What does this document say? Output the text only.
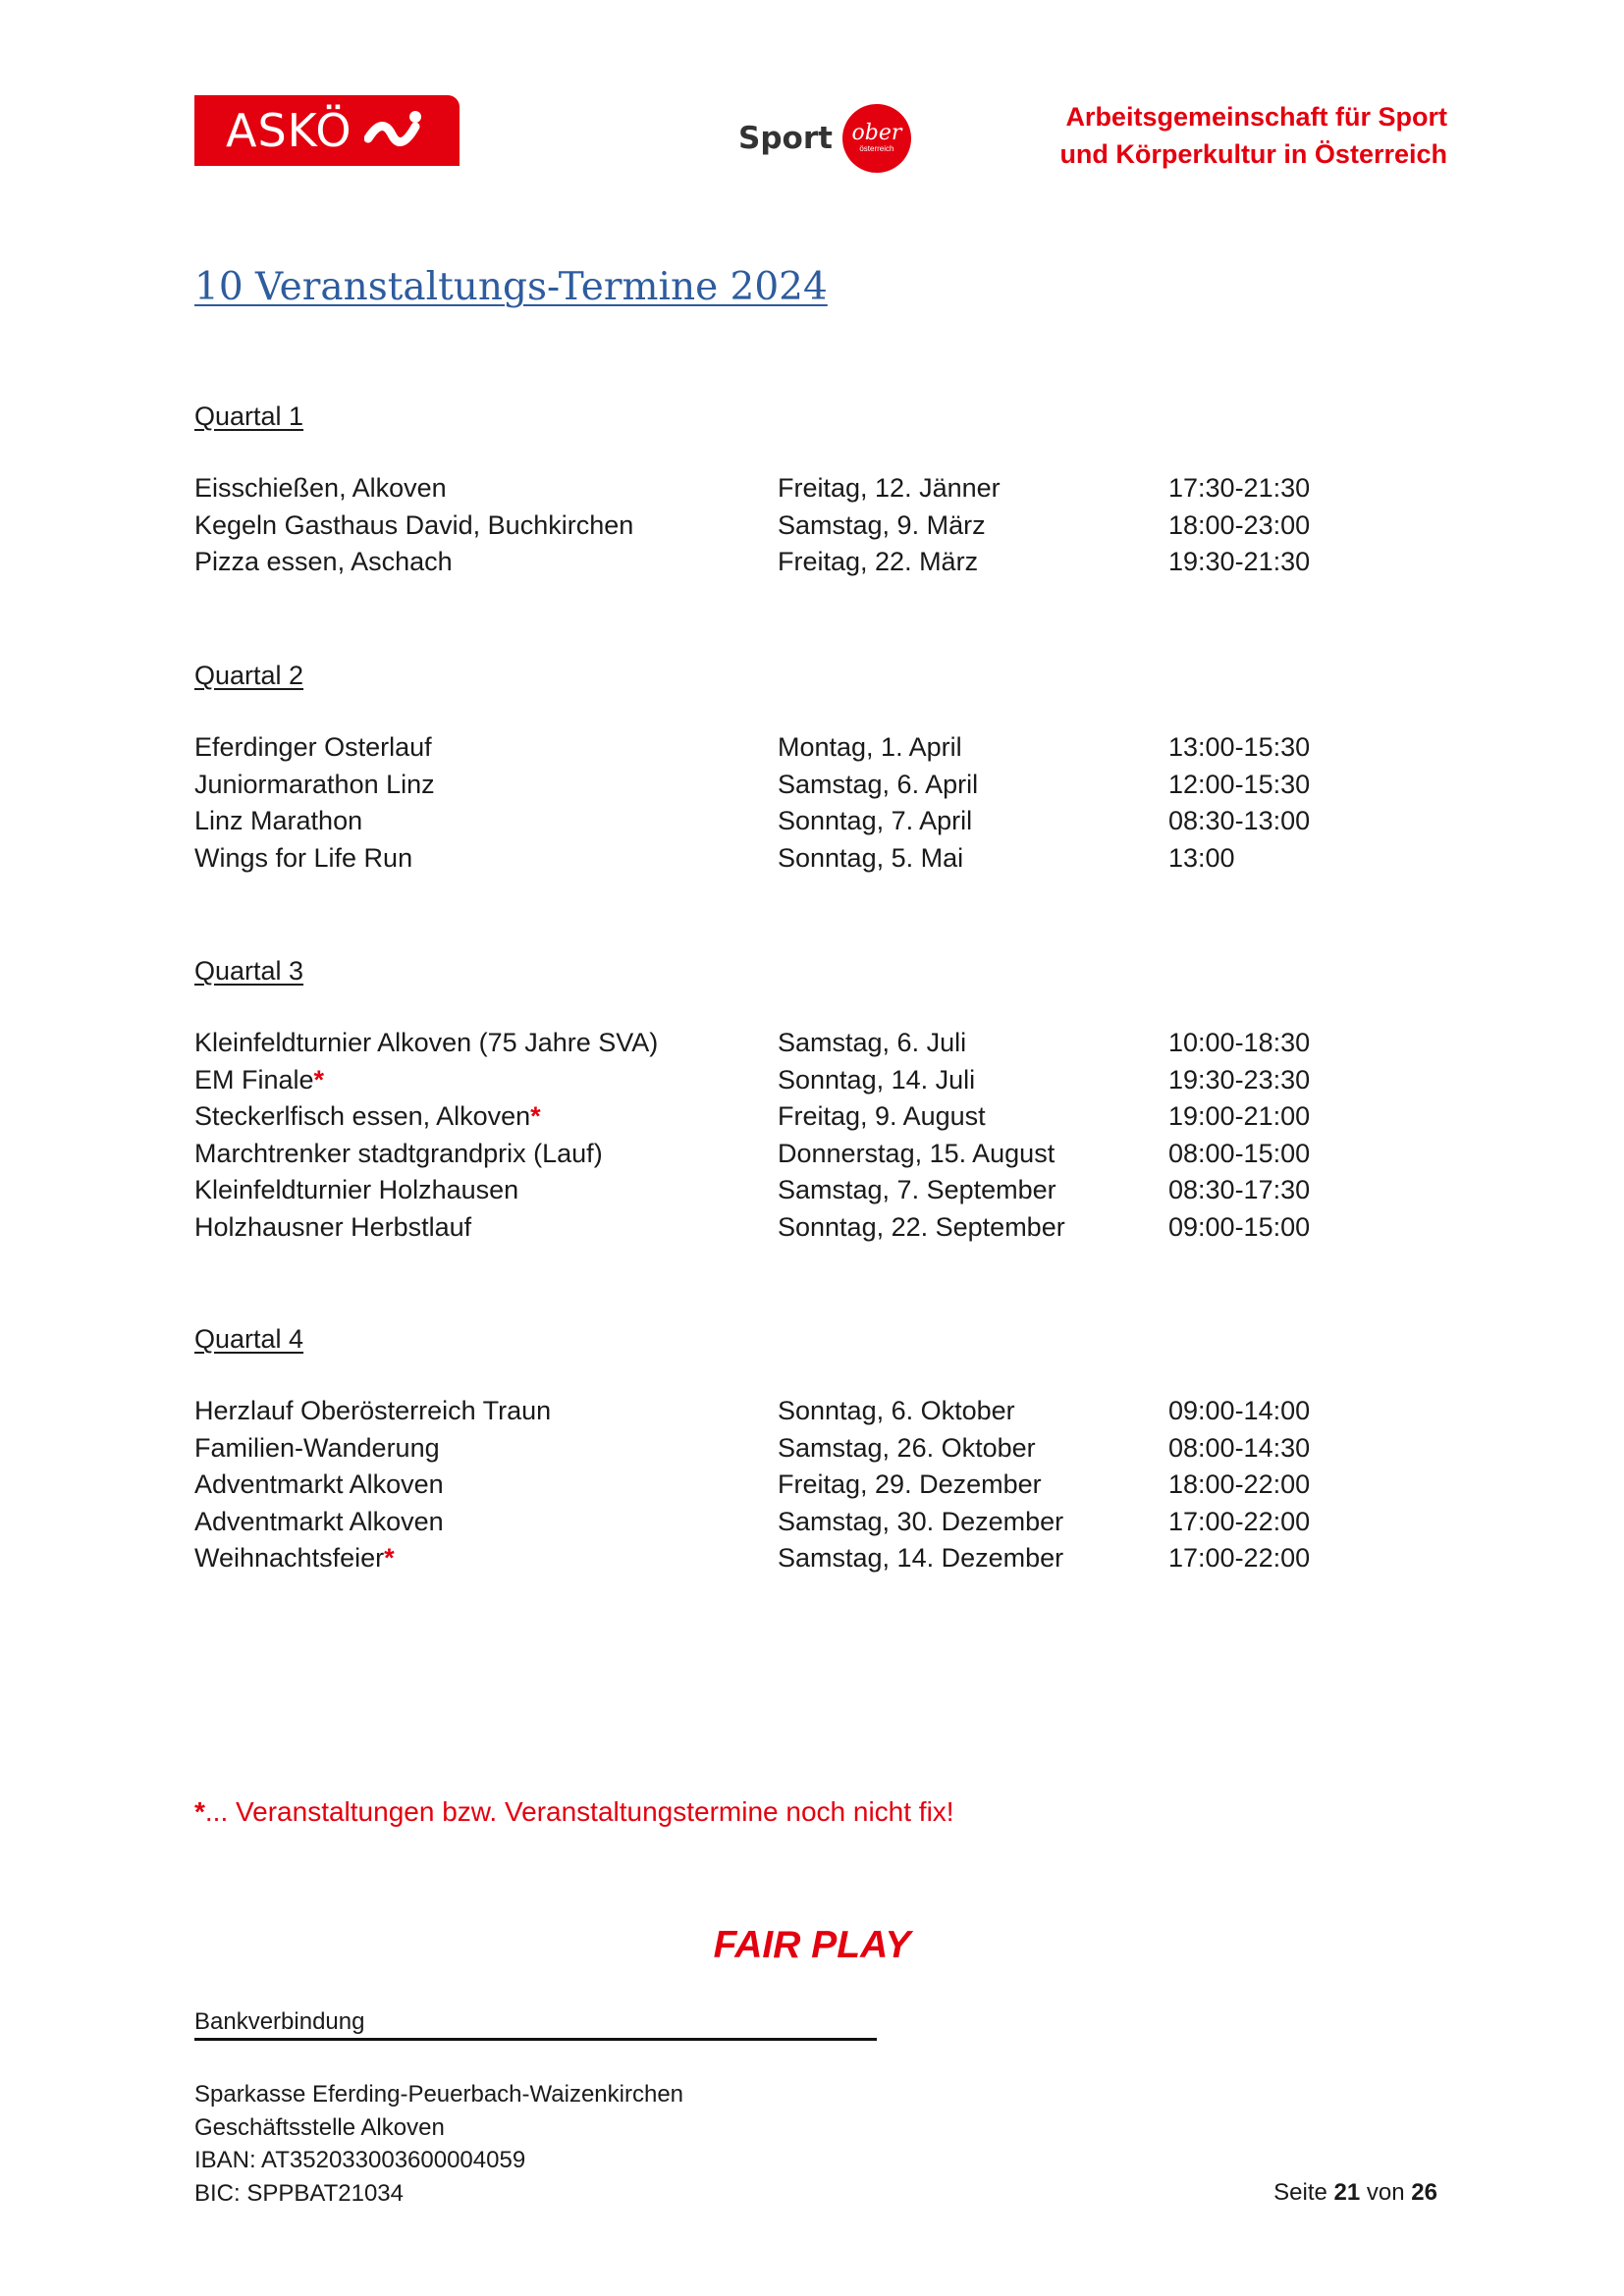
ASKÖ	Sport ober
österreich
Arbeitsgemeinschaft für Sport
und Körperkultur in Österreich
10 Veranstaltungs-Termine 2024
Quartal 1
Eisschießen, Alkoven	Freitag, 12. Jänner	17:30-21:30
Kegeln Gasthaus David, Buchkirchen	Samstag, 9. März	18:00-23:00
Pizza essen, Aschach	Freitag, 22. März	19:30-21:30
Quartal 2
Eferdinger Osterlauf	Montag, 1. April	13:00-15:30
Juniormarathon Linz	Samstag, 6. April	12:00-15:30
Linz Marathon	Sonntag, 7. April	08:30-13:00
Wings for Life Run	Sonntag, 5. Mai	13:00
Quartal 3
Kleinfeldturnier Alkoven (75 Jahre SVA)	Samstag, 6. Juli	10:00-18:30
EM Finale*	Sonntag, 14. Juli	19:30-23:30
Steckerlfisch essen, Alkoven*	Freitag, 9. August	19:00-21:00
Marchtrenker stadtgrandprix (Lauf)	Donnerstag, 15. August	08:00-15:00
Kleinfeldturnier Holzhausen	Samstag, 7. September	08:30-17:30
Holzhausner Herbstlauf	Sonntag, 22. September	09:00-15:00
Quartal 4
Herzlauf Oberösterreich Traun	Sonntag, 6. Oktober	09:00-14:00
Familien-Wanderung	Samstag, 26. Oktober	08:00-14:30
Adventmarkt Alkoven	Freitag, 29. Dezember	18:00-22:00
Adventmarkt Alkoven	Samstag, 30. Dezember	17:00-22:00
Weihnachtsfeier*	Samstag, 14. Dezember	17:00-22:00
*... Veranstaltungen bzw. Veranstaltungstermine noch nicht fix!
FAIR PLAY
Bankverbindung
Sparkasse Eferding-Peuerbach-Waizenkirchen
Geschäftsstelle Alkoven
IBAN: AT352033003600004059
BIC: SPPBAT21034	Seite 21 von 26
